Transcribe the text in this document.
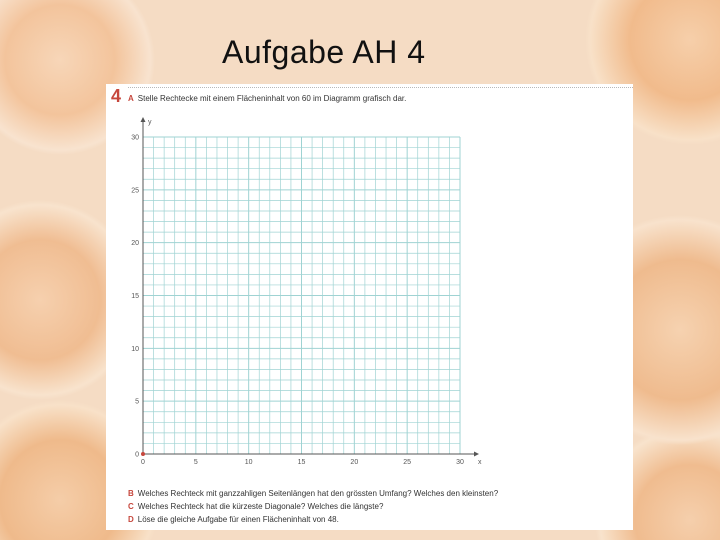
Aufgabe AH 4
4 A Stelle Rechtecke mit einem Flächeninhalt von 60 im Diagramm grafisch dar.
0	5	10	15	20	25	30
0
5
10
15
20
25
30
x
y
B Welches Rechteck mit ganzzahligen Seitenlängen hat den grössten Umfang? Welches den kleinsten?
C Welches Rechteck hat die kürzeste Diagonale? Welches die längste?
D Löse die gleiche Aufgabe für einen Flächeninhalt von 48.
